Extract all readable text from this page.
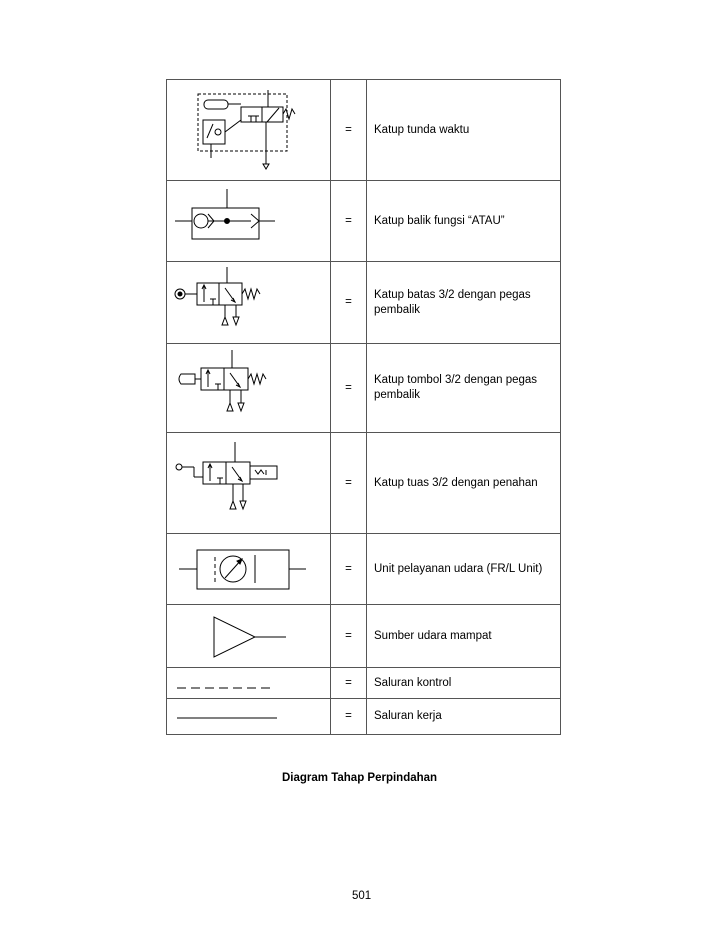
	=	Katup tunda waktu

	=	Katup balik fungsi “ATAU”

	=	Katup batas 3/2 dengan pegas pembalik

	=	Katup tombol 3/2 dengan pegas pembalik

	=	Katup tuas 3/2 dengan penahan

	=	Unit pelayanan udara (FR/L Unit)

	=	Sumber udara mampat

	=	Saluran kontrol

	=	Saluran kerja
Diagram Tahap Perpindahan
501
